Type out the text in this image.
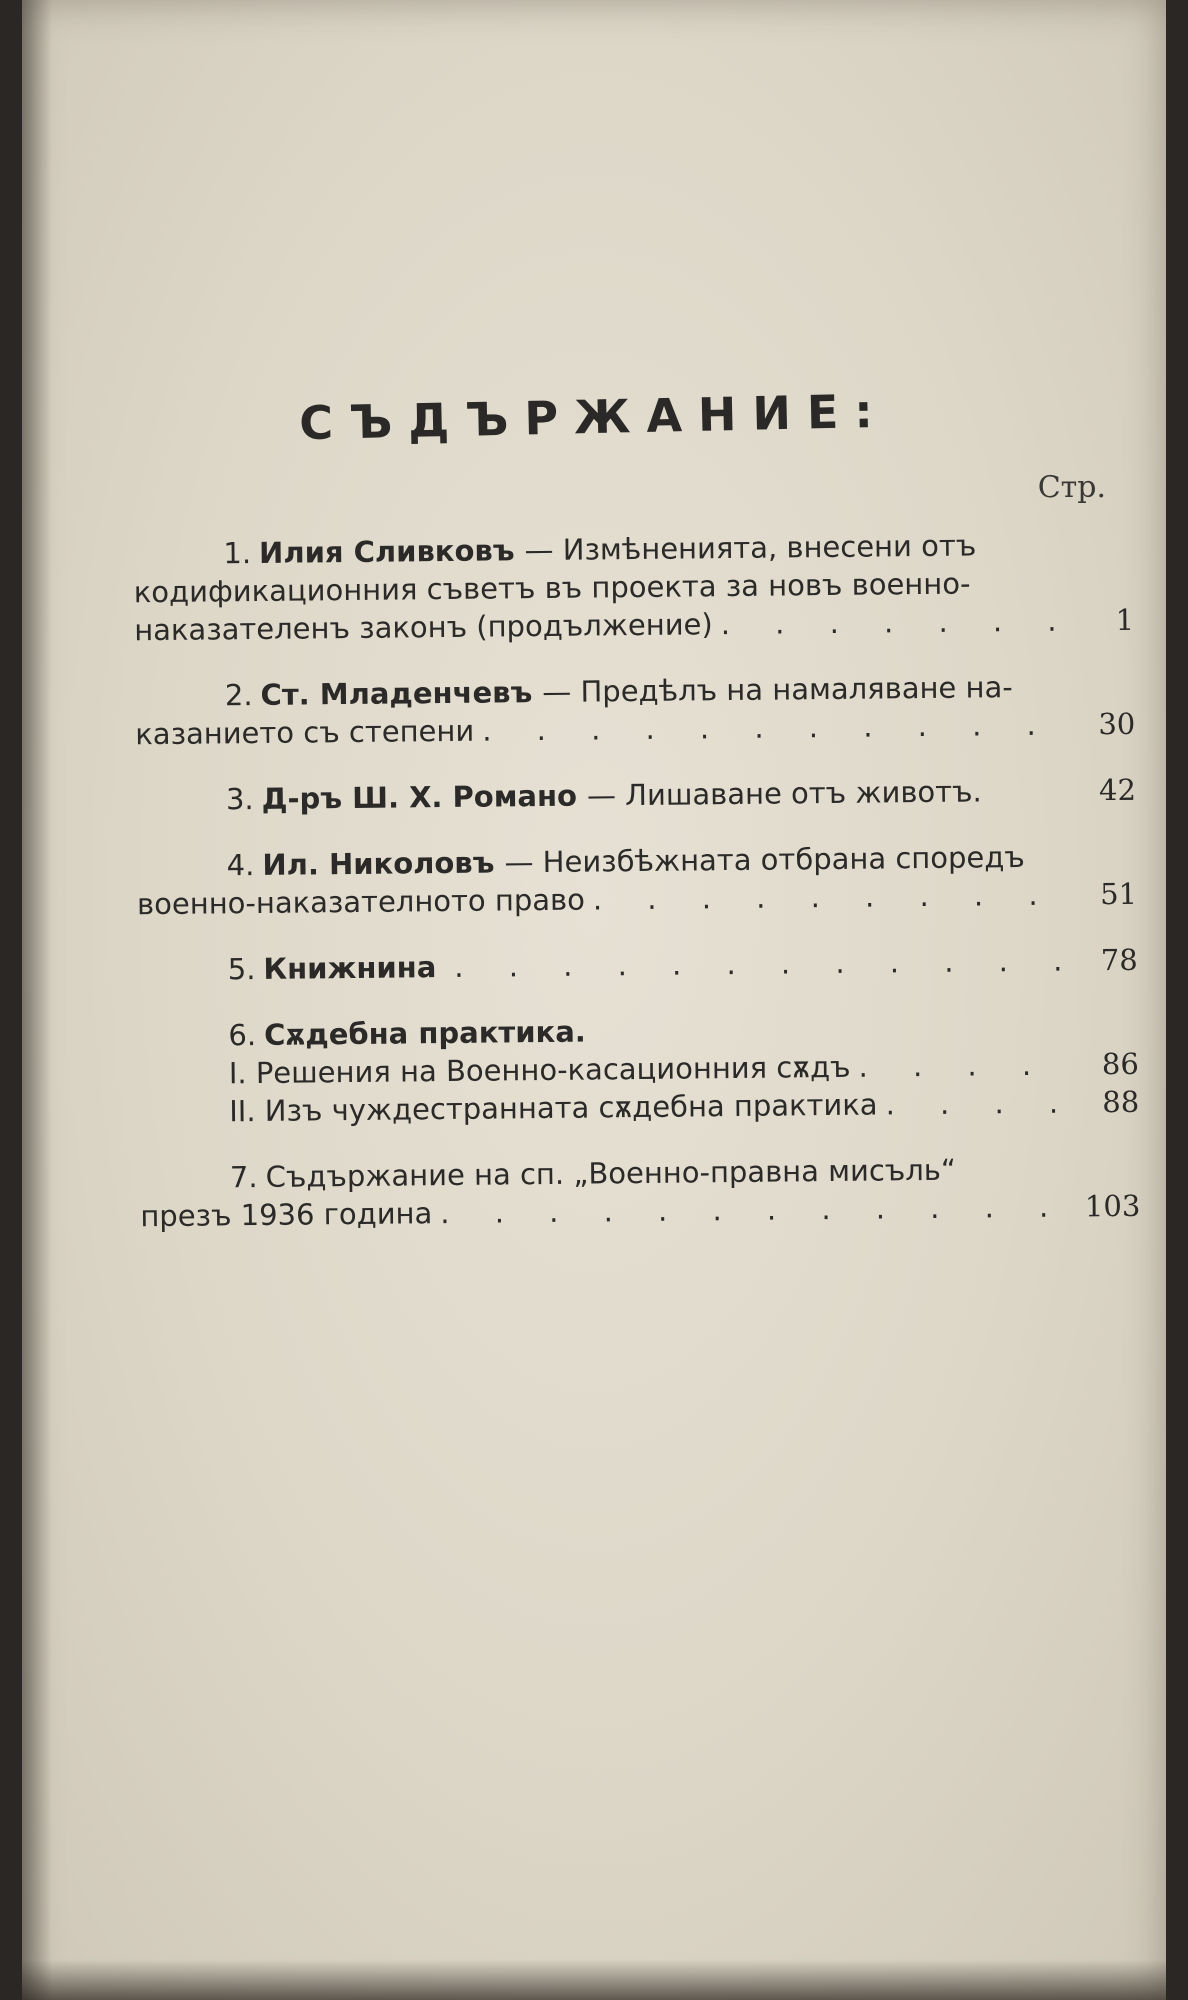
СЪДЪРЖАНИЕ:
Стр.
1. Илия Сливковъ — Измѣненията, внесени отъ
кодификационния съветъ въ проекта за новъ военно-
наказателенъ законъ (продължение) . . .	1
2. Ст. Младенчевъ — Предѣлъ на намаляване на-
казанието съ степени . . .	30
3. Д-ръ Ш. Х. Романо — Лишаване отъ животъ.	42
4. Ил. Николовъ — Неизбѣжната отбрана споредъ
военно-наказателното право . . .	51
5. Книжнина . . .	78
6. Сѫдебна практика.
I. Решения на Военно-касационния сѫдъ . . .	86
II. Изъ чуждестранната сѫдебна практика . . .	88
7. Съдържание на сп. „Военно-правна мисъль“
презъ 1936 година . . .	103
